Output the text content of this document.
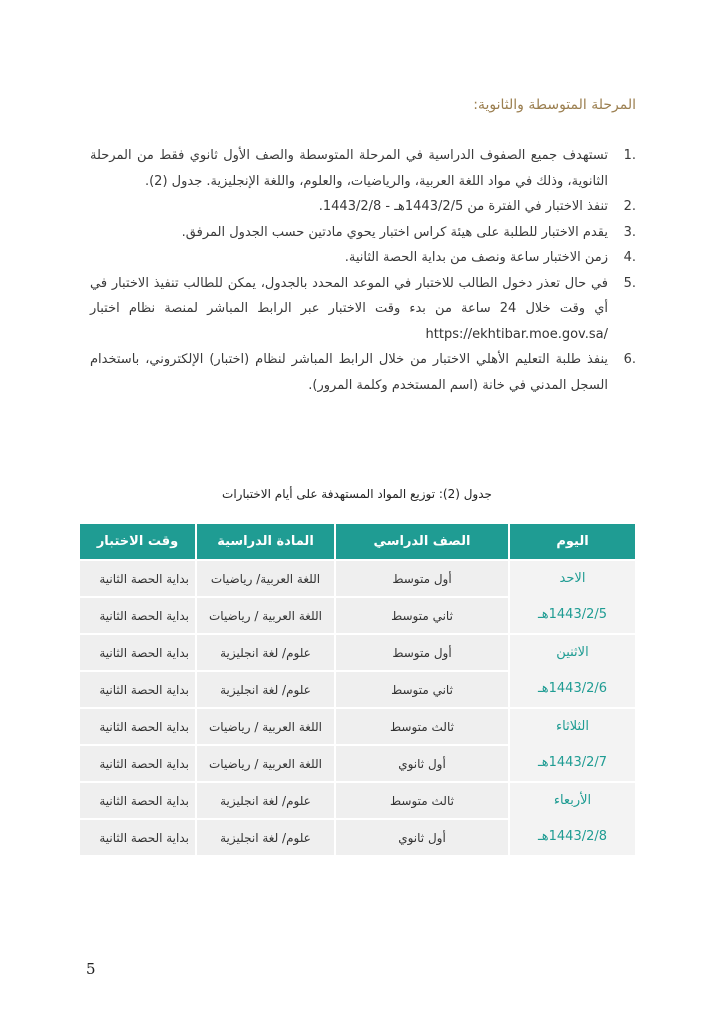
المرحلة المتوسطة والثانوية:
.1
تستهدف جميع الصفوف الدراسية في المرحلة المتوسطة والصف الأول ثانوي فقط من المرحلة الثانوية، وذلك في مواد اللغة العربية، والرياضيات، والعلوم، واللغة الإنجليزية. جدول (2).
.2
تنفذ الاختبار في الفترة من 1443/2/5هـ - 1443/2/8.
.3
يقدم الاختبار للطلبة على هيئة كراس اختبار يحوي مادتين حسب الجدول المرفق.
.4
زمن الاختبار ساعة ونصف من بداية الحصة الثانية.
.5
في حال تعذر دخول الطالب للاختبار في الموعد المحدد بالجدول، يمكن للطالب تنفيذ الاختبار في أي وقت خلال 24 ساعة من بدء وقت الاختبار عبر الرابط المباشر لمنصة نظام اختبار https://ekhtibar.moe.gov.sa/
.6
ينفذ طلبة التعليم الأهلي الاختبار من خلال الرابط المباشر لنظام (اختبار) الإلكتروني، باستخدام السجل المدني في خانة (اسم المستخدم وكلمة المرور).

جدول (2): توزيع المواد المستهدفة على أيام الاختبارات

اليوم	الصف الدراسي	المادة الدراسية	وقت الاختبار
الاحد
1443/2/5هـ	أول متوسط	اللغة العربية/ رياضيات	بداية الحصة الثانية
	ثاني متوسط	اللغة العربية / رياضيات	بداية الحصة الثانية
الاثنين
1443/2/6هـ	أول متوسط	علوم/ لغة انجليزية	بداية الحصة الثانية
	ثاني متوسط	علوم/ لغة انجليزية	بداية الحصة الثانية
الثلاثاء
1443/2/7هـ	ثالث متوسط	اللغة العربية / رياضيات	بداية الحصة الثانية
	أول ثانوي	اللغة العربية / رياضيات	بداية الحصة الثانية
الأربعاء
1443/2/8هـ	ثالث متوسط	علوم/ لغة انجليزية	بداية الحصة الثانية
	أول ثانوي	علوم/ لغة انجليزية	بداية الحصة الثانية
5
